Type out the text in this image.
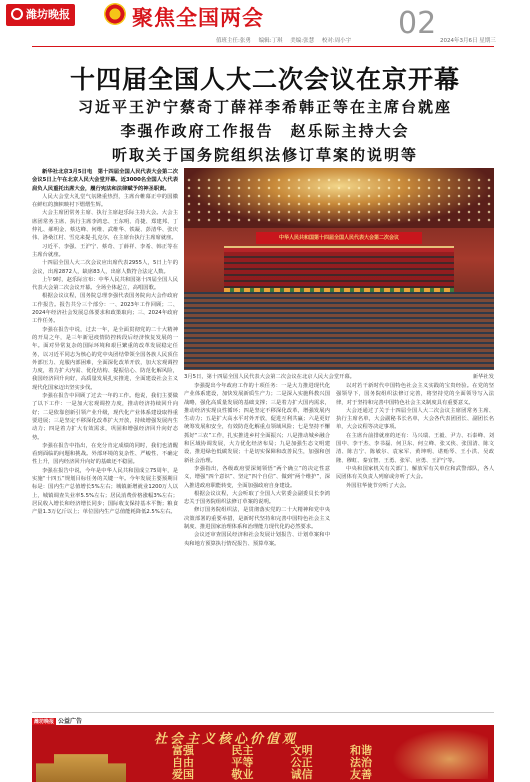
潍坊晚报	聚焦全国两会	02
值班主任:张勇 编辑:丁琪 美编:张慧 校对:周小宇	2024年3月6日 星期三
十四届全国人大二次会议在京开幕
习近平王沪宁蔡奇丁薛祥李希韩正等在主席台就座
李强作政府工作报告　赵乐际主持大会
听取关于国务院组织法修订草案的说明等

新华社北京3月5日电　第十四届全国人民代表大会第二次会议5日上午在北京人民大会堂开幕。近3000名全国人大代表肩负人民重托出席大会，履行宪法和法律赋予的神圣职责。

人民大会堂大礼堂气氛隆重热烈，主席台帷幕正中的国徽在鲜红的旗帜映衬下熠熠生辉。

大会主席团常务主席、执行主席赵乐际主持大会。大会主席团常务主席、执行主席李鸿忠、王东明、肖捷、郑建邦、丁仲礼、郝明金、蔡达峰、何维、武维华、铁凝、彭清华、张庆伟、洛桑江村、雪克来提·扎克尔，在主席台执行主席席就座。

习近平、李强、王沪宁、蔡奇、丁薛祥、李希、韩正等在主席台就座。

十四届全国人大二次会议应出席代表2955人，5日上午的会议，出席2872人，缺席83人，出席人数符合法定人数。

上午9时，赵乐际宣布：中华人民共和国第十四届全国人民代表大会第二次会议开幕。全场全体起立，高唱国歌。

根据会议议程，国务院总理李强代表国务院向大会作政府工作报告。报告共分三个部分：一、2023年工作回顾；二、2024年经济社会发展总体要求和政策取向；三、2024年政府工作任务。

李强在报告中说，过去一年，是全面贯彻党的二十大精神的开局之年，是三年新冠疫情防控转段后经济恢复发展的一年。面对异常复杂的国际环境和艰巨繁重的改革发展稳定任务，以习近平同志为核心的党中央团结带领全国各族人民顶住外部压力、克服内部困难，全面深化改革开放，加大宏观调控力度，着力扩大内需、优化结构、提振信心、防范化解风险，我国经济回升向好，高质量发展扎实推进，全面建设社会主义现代化国家迈出坚实步伐。

李强在报告中回顾了过去一年的工作。他说，我们主要做了以下工作：一是加大宏观调控力度，推动经济持续回升向好；二是依靠创新引领产业升级，现代化产业体系建设取得重要进展；三是坚定不移深化改革扩大开放，持续增强发展内生动力；四是着力扩大有效需求，巩固和增强经济回升向好态势。

李强在报告中指出，在充分肯定成绩的同时，我们也清醒看到面临的问题和挑战。外部环境的复杂性、严峻性、不确定性上升，国内经济回升向好的基础还不稳固。

李强在报告中说，今年是中华人民共和国成立75周年，是实施“十四五”规划目标任务的关键一年。今年发展主要预期目标是：国内生产总值增长5%左右；城镇新增就业1200万人以上，城镇调查失业率5.5%左右；居民消费价格涨幅3%左右；居民收入增长和经济增长同步；国际收支保持基本平衡；粮食产量1.3万亿斤以上；单位国内生产总值能耗降低2.5%左右。

中华人民共和国第十四届全国人民代表大会第二次会议
3月5日，第十四届全国人民代表大会第二次会议在北京人民大会堂开幕。	新华社发

李强提出今年政府工作的十项任务：一是大力推进现代化产业体系建设，加快发展新质生产力；二是深入实施科教兴国战略，强化高质量发展的基础支撑；三是着力扩大国内需求，推动经济实现良性循环；四是坚定不移深化改革，增强发展内生动力；五是扩大高水平对外开放，促进互利共赢；六是更好统筹发展和安全，有效防范化解重点领域风险；七是坚持不懈抓好“三农”工作，扎实推进乡村全面振兴；八是推动城乡融合和区域协调发展，大力优化经济布局；九是加强生态文明建设，推进绿色低碳发展；十是切实保障和改善民生，加强和创新社会治理。

李强指出，各级政府要深刻领悟“两个确立”的决定性意义，增强“四个意识”、坚定“四个自信”、做到“两个维护”，深入推进政府职能转变，全面加强政府自身建设。

根据会议议程，大会听取了全国人大常委会副委员长李鸿忠关于国务院组织法修订草案的说明。

修订国务院组织法，是贯彻落实党的二十大精神和党中央决策部署的重要举措，是新时代坚持和完善中国特色社会主义制度、推进国家治理体系和治理能力现代化的必然要求。

会议还审查国民经济和社会发展计划报告、计划草案和中央和地方预算执行情况报告、预算草案。

以对若干新时代中国特色社会主义实践的宝贵经验。在党的坚强领导下，国务院组织法修订完善，将坚持党的全面领导写入法律，对于坚持和完善中国特色社会主义制度具有重要意义。

大会还通过了关于十四届全国人大二次会议主席团常务主席、执行主席名单，大会副秘书长名单，大会各代表团团长、副团长名单，大会议程等决定事项。

在主席台前排就座的还有：马兴瑞、王毅、尹力、石泰峰、刘国中、李干杰、李书磊、何卫东、何立峰、张又侠、张国清、陈文清、陈吉宁、陈敏尔、袁家军、黄坤明、谌贻琴、王小洪、吴政隆、穆虹、秦宜智、王勇、张军、应勇、王沪宁等。

中央和国家机关有关部门、解放军有关单位和武警部队，各人民团体有关负责人列席或旁听了大会。

外国驻华使节旁听了大会。

潍坊晚报 公益广告
社会主义核心价值观
富强	民主	文明	和谐
自由	平等	公正	法治
爱国	敬业	诚信	友善
